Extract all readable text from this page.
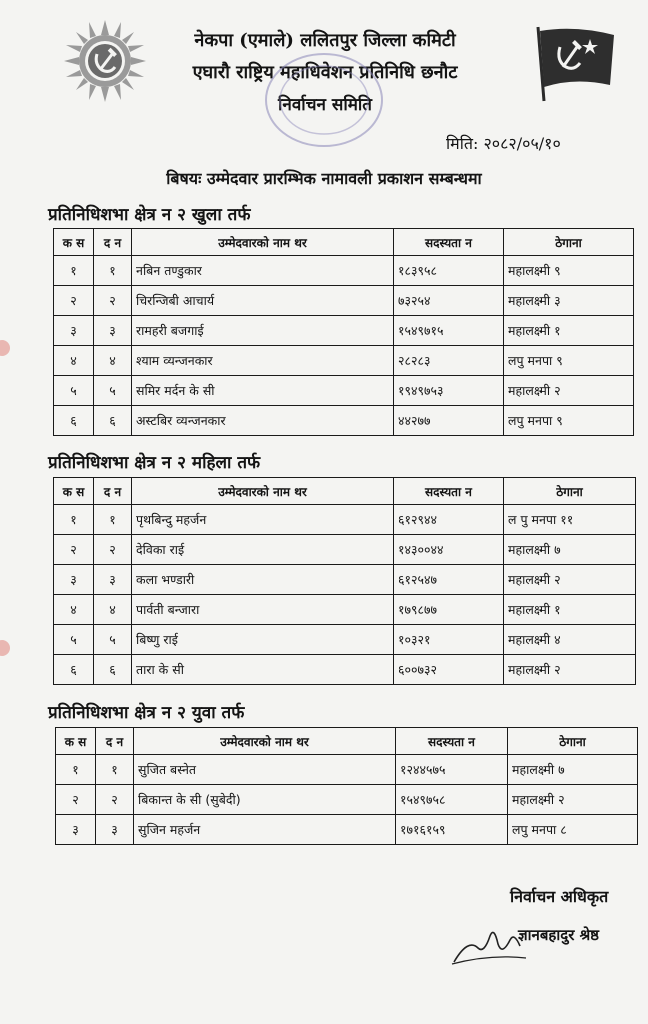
नेकपा (एमाले) ललितपुर जिल्ला कमिटी
एघारौ राष्ट्रिय महाधिवेशन प्रतिनिधि छनौट
निर्वाचन समिति
मिति: २०८२/०५/१०
बिषयः उम्मेदवार प्रारम्भिक नामावली प्रकाशन सम्बन्धमा
प्रतिनिधिशभा क्षेत्र न २ खुला तर्फ
क स	द न	उम्मेदवारको नाम थर	सदस्यता न	ठेगाना
१	१	नबिन तण्डुकार	१८३९५८	महालक्ष्मी ९
२	२	चिरन्जिबी आचार्य	७३२५४	महालक्ष्मी ३
३	३	रामहरी बजगाई	१५४९७१५	महालक्ष्मी १
४	४	श्याम व्यन्जनकार	२८२८३	लपु मनपा ९
५	५	समिर मर्दन के सी	१९४९७५३	महालक्ष्मी २
६	६	अस्टबिर व्यन्जनकार	४४२७७	लपु मनपा ९
प्रतिनिधिशभा क्षेत्र न २ महिला तर्फ
क स	द न	उम्मेदवारको नाम थर	सदस्यता न	ठेगाना
१	१	पृथबिन्दु महर्जन	६१२९४४	ल पु मनपा ११
२	२	देविका राई	१४३००४४	महालक्ष्मी ७
३	३	कला भण्डारी	६१२५४७	महालक्ष्मी २
४	४	पार्वती बन्जारा	१७९८७७	महालक्ष्मी १
५	५	बिष्णु राई	१०३२१	महालक्ष्मी ४
६	६	तारा के सी	६००७३२	महालक्ष्मी २
प्रतिनिधिशभा क्षेत्र न २ युवा तर्फ
क स	द न	उम्मेदवारको नाम थर	सदस्यता न	ठेगाना
१	१	सुजित बस्नेत	१२४४५७५	महालक्ष्मी ७
२	२	बिकान्त के सी (सुबेदी)	१५४९७५८	महालक्ष्मी २
३	३	सुजिन महर्जन	१७१६१५९	लपु मनपा ८
निर्वाचन अधिकृत
ज्ञानबहादुर श्रेष्ठ
